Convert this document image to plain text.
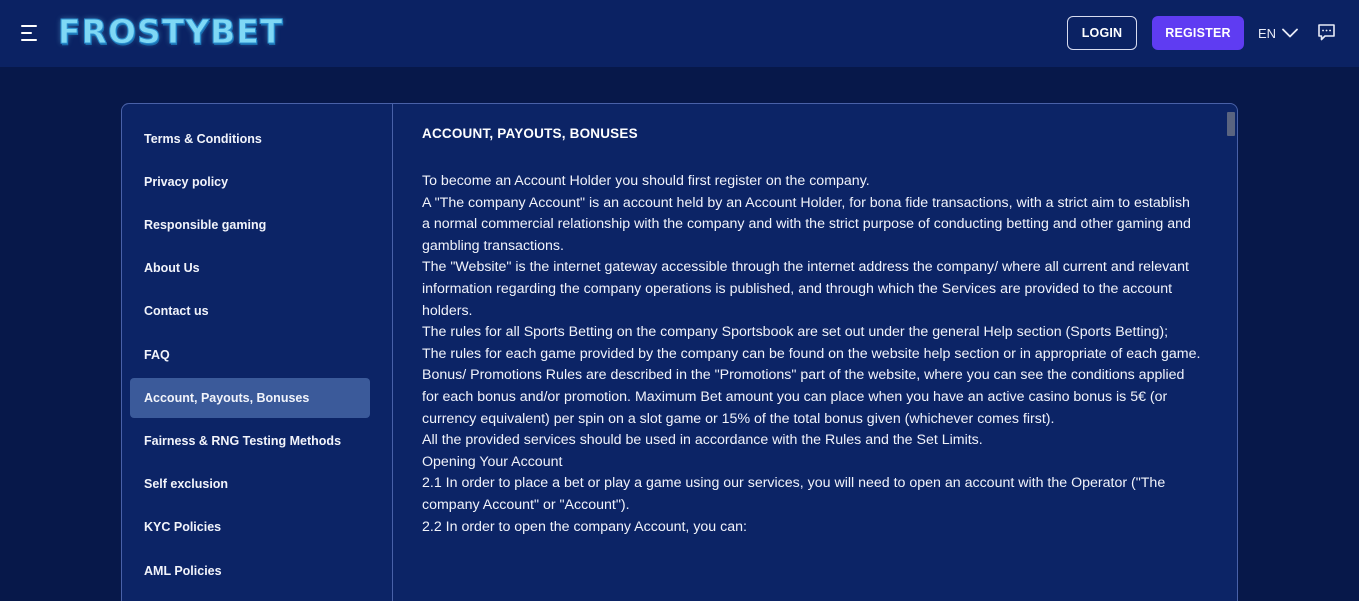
FROSTYBET	LOGIN	REGISTER	EN
Terms & Conditions
Privacy policy
Responsible gaming
About Us
Contact us
FAQ
Account, Payouts, Bonuses
Fairness & RNG Testing Methods
Self exclusion
KYC Policies
AML Policies
ACCOUNT, PAYOUTS, BONUSES

To become an Account Holder you should first register on the company.

A "The company Account" is an account held by an Account Holder, for bona fide transactions, with a strict aim to establish a normal commercial relationship with the company and with the strict purpose of conducting betting and other gaming and gambling transactions.

The "Website" is the internet gateway accessible through the internet address the company/ where all current and relevant information regarding the company operations is published, and through which the Services are provided to the account holders.

The rules for all Sports Betting on the company Sportsbook are set out under the general Help section (Sports Betting);

The rules for each game provided by the company can be found on the website help section or in appropriate of each game.

Bonus/ Promotions Rules are described in the "Promotions" part of the website, where you can see the conditions applied for each bonus and/or promotion. Maximum Bet amount you can place when you have an active casino bonus is 5€ (or currency equivalent) per spin on a slot game or 15% of the total bonus given (whichever comes first).

All the provided services should be used in accordance with the Rules and the Set Limits.

Opening Your Account

2.1 In order to place a bet or play a game using our services, you will need to open an account with the Operator ("The company Account" or "Account").

2.2 In order to open the company Account, you can:
